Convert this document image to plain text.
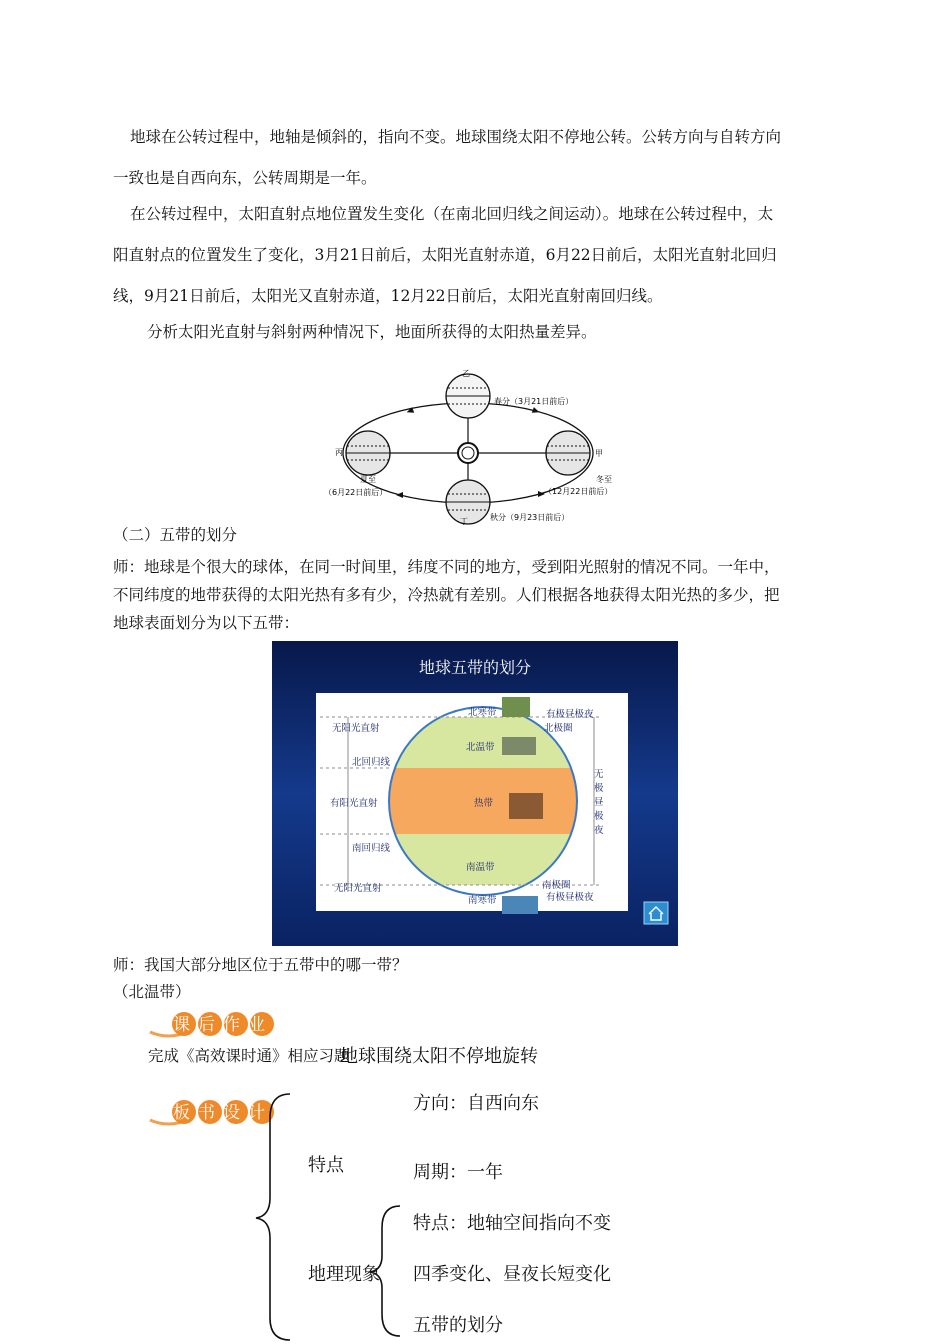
地球在公转过程中，地轴是倾斜的，指向不变。地球围绕太阳不停地公转。公转方向与自转方向
一致也是自西向东，公转周期是一年。
在公转过程中，太阳直射点地位置发生变化（在南北回归线之间运动）。地球在公转过程中，太
阳直射点的位置发生了变化，3月21日前后，太阳光直射赤道，6月22日前后，太阳光直射北回归
线，9月21日前后，太阳光又直射赤道，12月22日前后，太阳光直射南回归线。
分析太阳光直射与斜射两种情况下，地面所获得的太阳热量差异。
乙
春分（3月21日前后）
丙	甲
夏至
（6月22日前后）
冬至
（12月22日前后）
丁	秋分（9月23日前后）
（二）五带的划分
师：地球是个很大的球体，在同一时间里，纬度不同的地方，受到阳光照射的情况不同。一年中，
不同纬度的地带获得的太阳光热有多有少，冷热就有差别。人们根据各地获得太阳光热的多少，把
地球表面划分为以下五带：
地球五带的划分
无阳光直射
北回归线
有阳光直射
南回归线
无阳光直射
北寒带
北温带
热带
南温带
南寒带
有极昼极夜
北极圈
南极圈
有极昼极夜
无
极
昼
极
夜
师：我国大部分地区位于五带中的哪一带？
（北温带）
课后作业
完成《高效课时通》相应习题
地球围绕太阳不停地旋转
板书设计	方向：自西向东
特点	周期：一年
特点：地轴空间指向不变
地理现象 四季变化、昼夜长短变化
五带的划分
